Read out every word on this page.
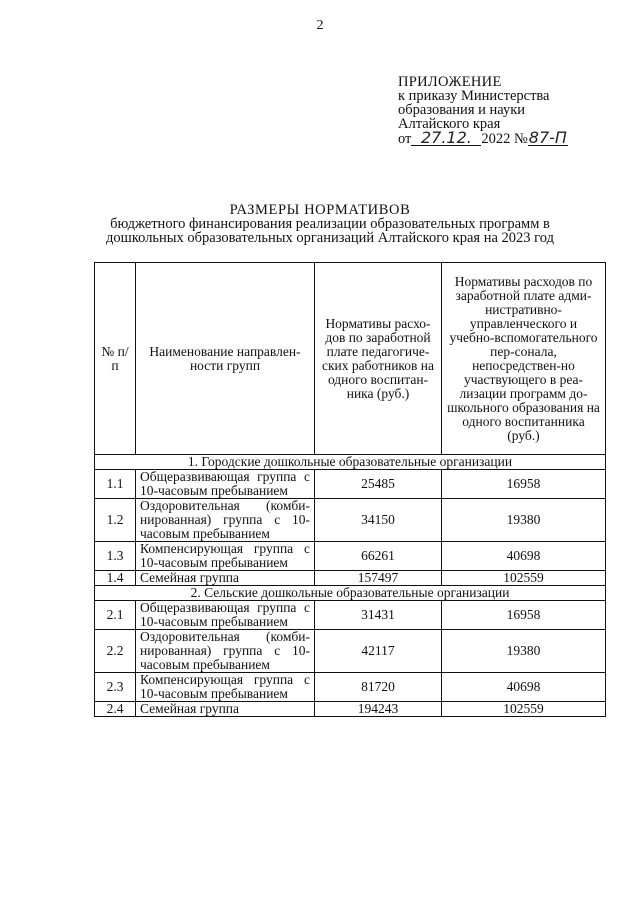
2
ПРИЛОЖЕНИЕ
к приказу Министерства
образования и науки
Алтайского края
от 27.12. 2022 №87-П
РАЗМЕРЫ НОРМАТИВОВ
бюджетного финансирования реализации образовательных программ в
дошкольных образовательных организаций Алтайского края на 2023 год
№ п/п	Наименование направлен-ности групп	Нормативы расхо-дов по заработной плате педагогиче-ских работников на одного воспитан-ника (руб.)	Нормативы расходов по заработной плате адми-нистративно-управленческого и учебно-вспомогательного пер-сонала, непосредствен-но участвующего в реа-лизации программ до-школьного образования на одного воспитанника (руб.)
1. Городские дошкольные образовательные организации			
1.1	Общеразвивающая группа с 10-часовым пребыванием	25485	16958
1.2	Оздоровительная (комби-нированная) группа с 10-часовым пребыванием	34150	19380
1.3	Компенсирующая группа с 10-часовым пребыванием	66261	40698
1.4	Семейная группа	157497	102559
2. Сельские дошкольные образовательные организации			
2.1	Общеразвивающая группа с 10-часовым пребыванием	31431	16958
2.2	Оздоровительная (комби-нированная) группа с 10-часовым пребыванием	42117	19380
2.3	Компенсирующая группа с 10-часовым пребыванием	81720	40698
2.4	Семейная группа	194243	102559
